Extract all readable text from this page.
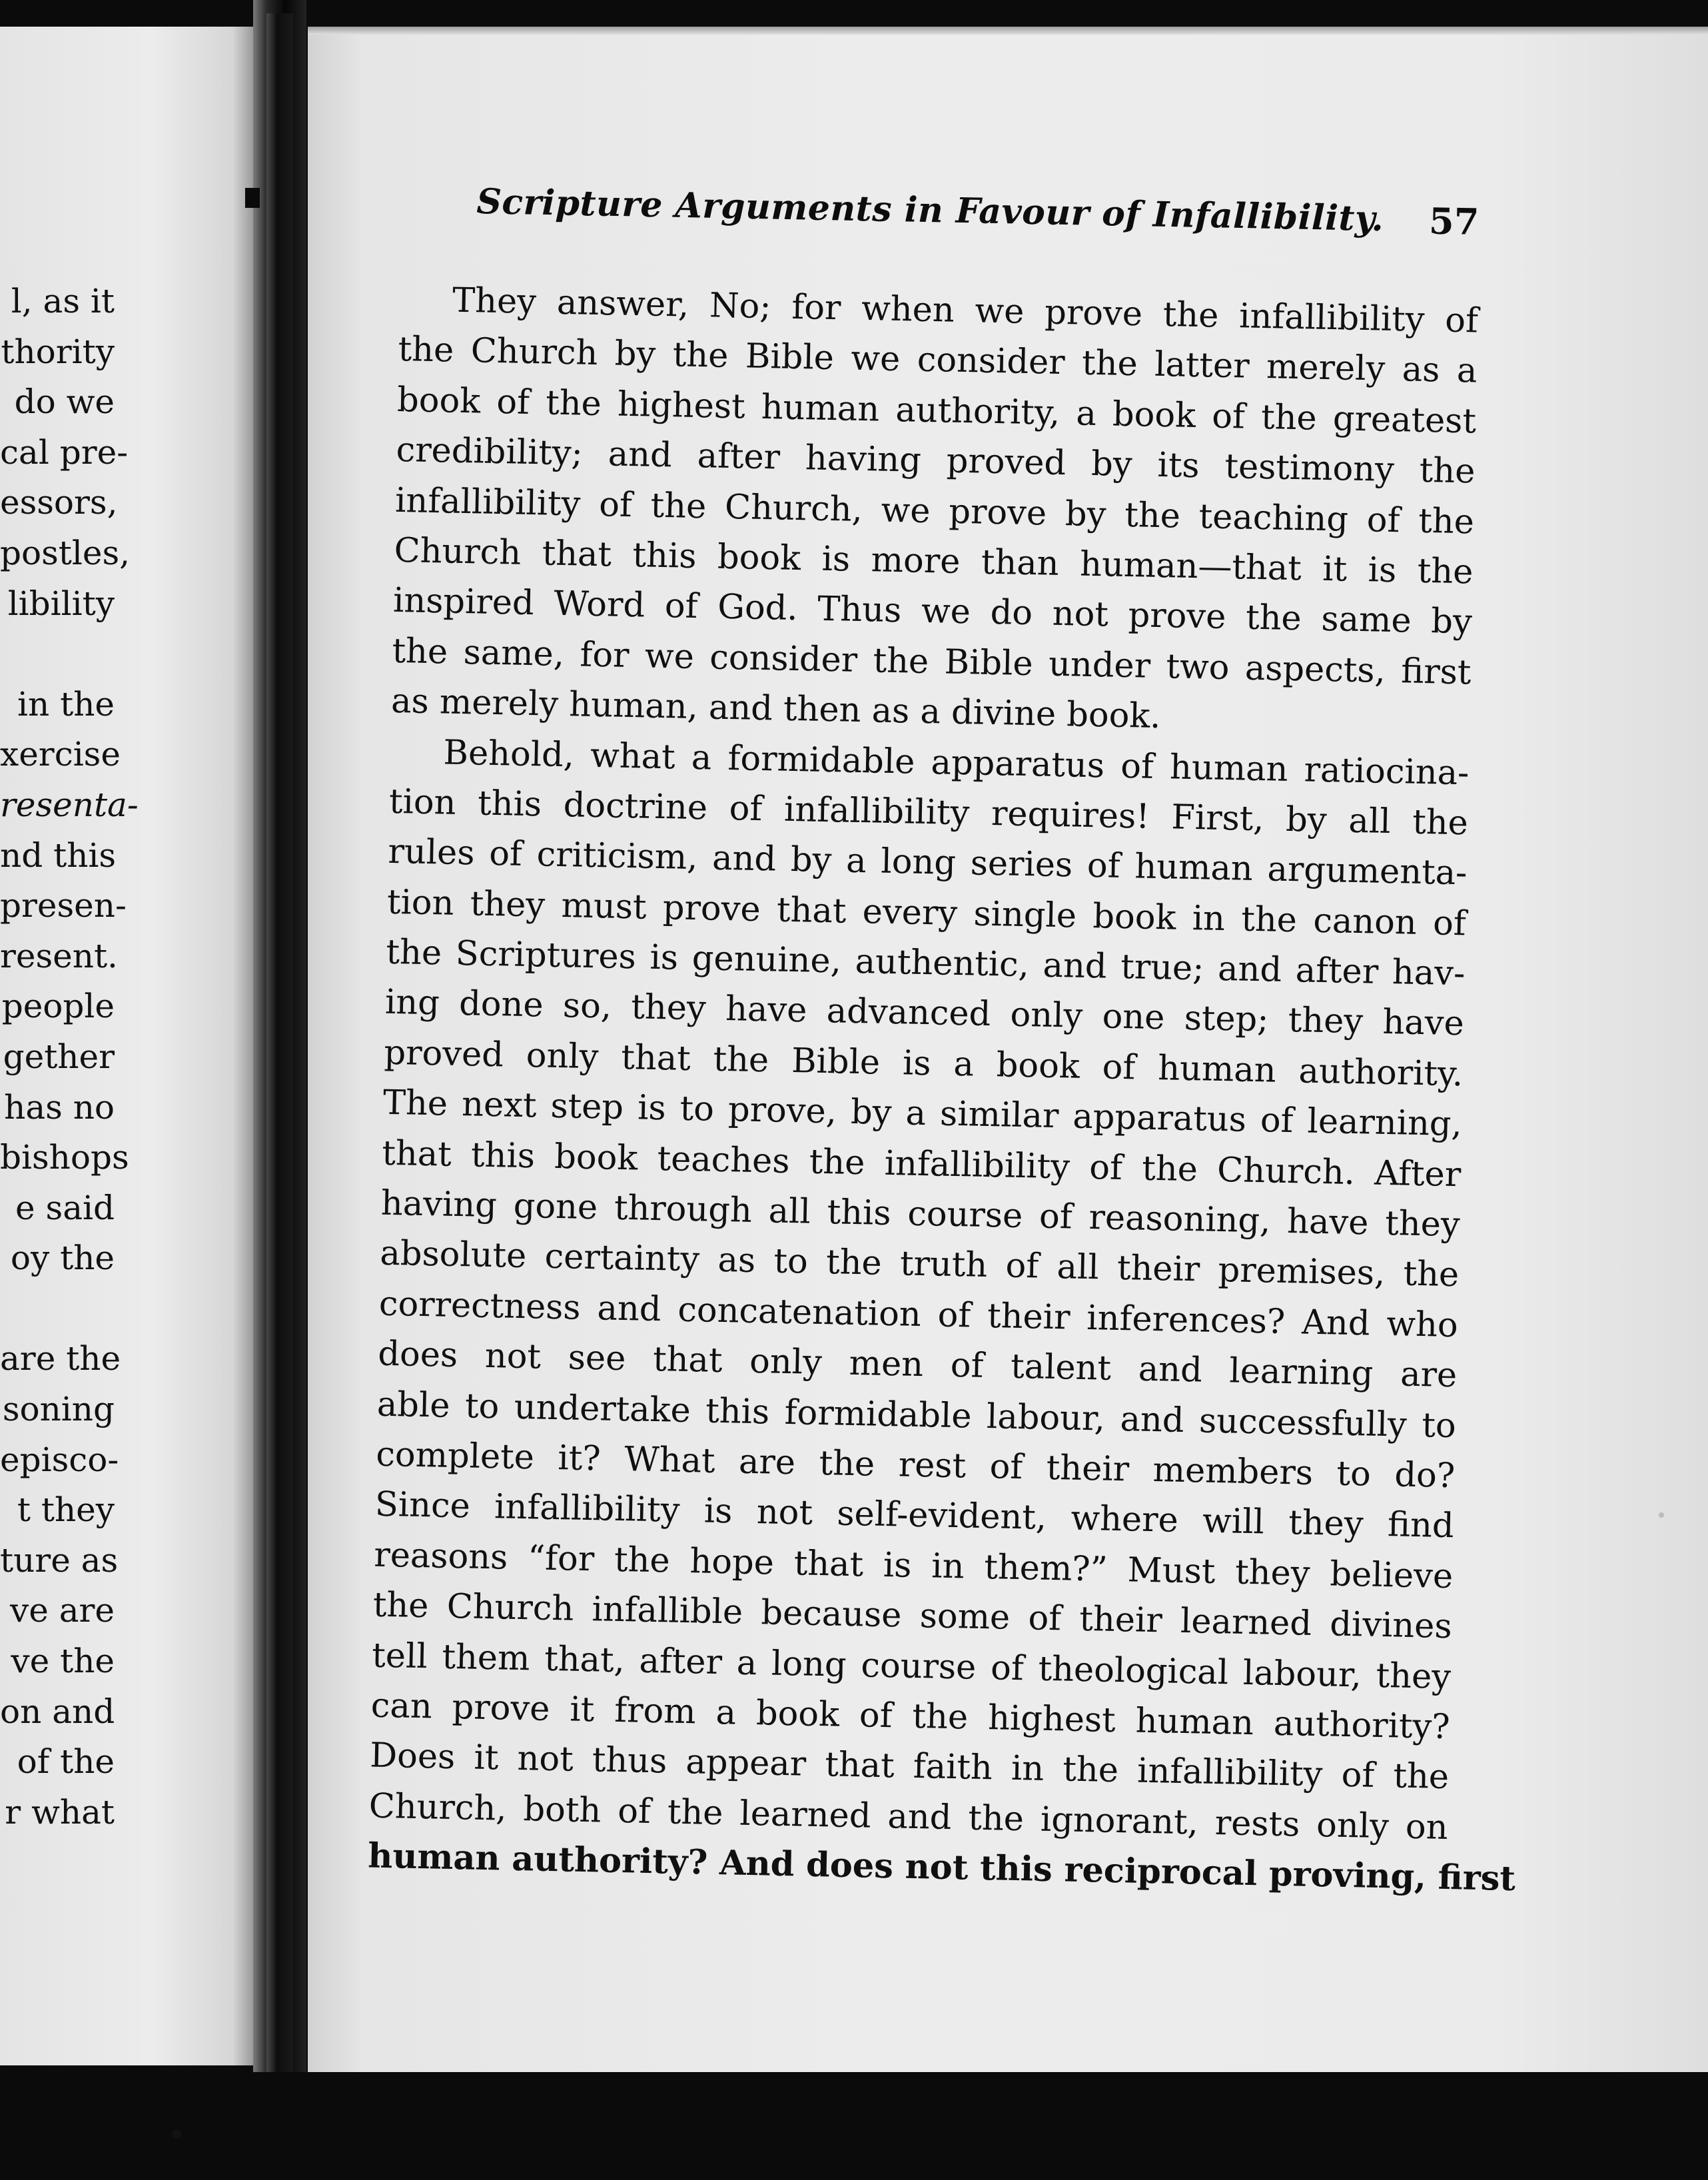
l, as it
thority
do we
cal pre-
essors,
postles,
libility
in the
xercise
resenta-
nd this
presen-
resent.
people
gether
has no
bishops
e said
oy the
are the
soning
episco-
t they
ture as
ve are
ve the
on and
of the
r what
Scripture Arguments in Favour of Infallibility. 57
They answer, No; for when we prove the infallibility of
the Church by the Bible we consider the latter merely as a
book of the highest human authority, a book of the greatest
credibility; and after having proved by its testimony the
infallibility of the Church, we prove by the teaching of the
Church that this book is more than human—that it is the
inspired Word of God. Thus we do not prove the same by
the same, for we consider the Bible under two aspects, first
as merely human, and then as a divine book.
Behold, what a formidable apparatus of human ratiocina-
tion this doctrine of infallibility requires! First, by all the
rules of criticism, and by a long series of human argumenta-
tion they must prove that every single book in the canon of
the Scriptures is genuine, authentic, and true; and after hav-
ing done so, they have advanced only one step; they have
proved only that the Bible is a book of human authority.
The next step is to prove, by a similar apparatus of learning,
that this book teaches the infallibility of the Church. After
having gone through all this course of reasoning, have they
absolute certainty as to the truth of all their premises, the
correctness and concatenation of their inferences? And who
does not see that only men of talent and learning are
able to undertake this formidable labour, and successfully to
complete it? What are the rest of their members to do?
Since infallibility is not self-evident, where will they find
reasons “for the hope that is in them?” Must they believe
the Church infallible because some of their learned divines
tell them that, after a long course of theological labour, they
can prove it from a book of the highest human authority?
Does it not thus appear that faith in the infallibility of the
Church, both of the learned and the ignorant, rests only on
human authority? And does not this reciprocal proving, first
